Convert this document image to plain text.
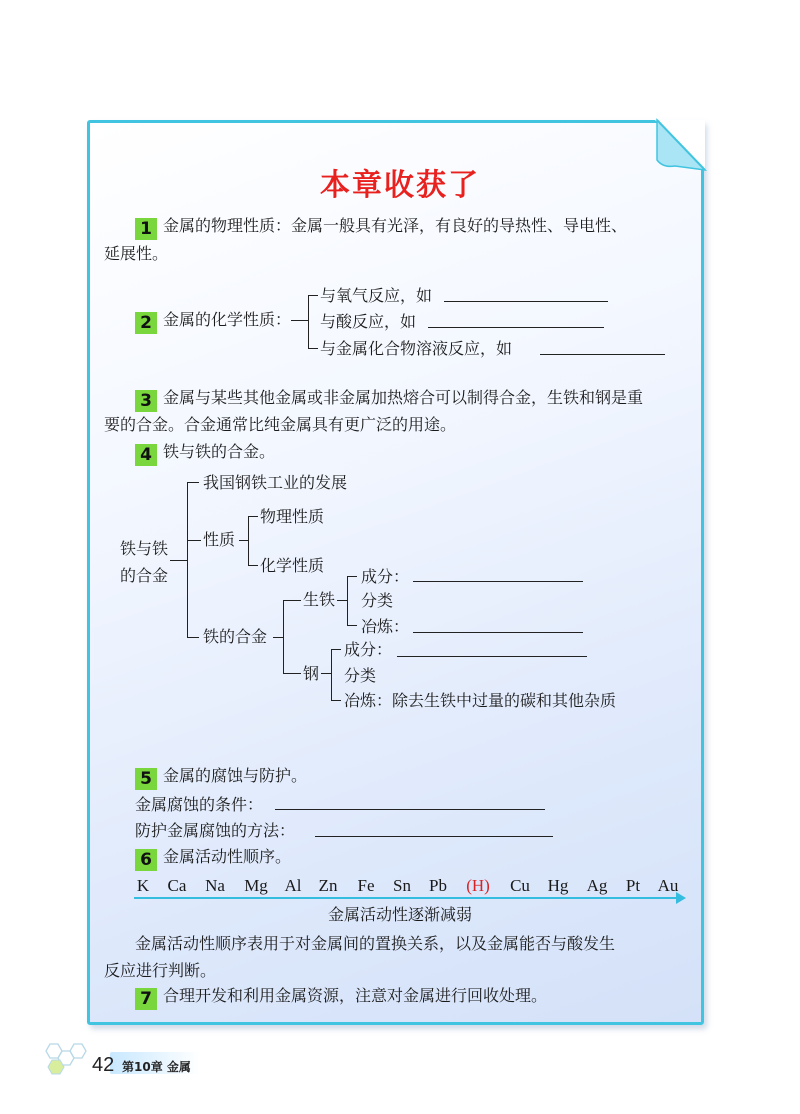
本章收获了
1 金属的物理性质：金属一般具有光泽，有良好的导热性、导电性、
延展性。
2 金属的化学性质：
与氧气反应，如
与酸反应，如
与金属化合物溶液反应，如
3 金属与某些其他金属或非金属加热熔合可以制得合金，生铁和钢是重
要的合金。合金通常比纯金属具有更广泛的用途。
4 铁与铁的合金。
铁与铁
的合金
我国钢铁工业的发展
性质
物理性质
化学性质
铁的合金
生铁
钢
成分：
分类
冶炼：
成分：
分类
冶炼：除去生铁中过量的碳和其他杂质
5 金属的腐蚀与防护。
金属腐蚀的条件：
防护金属腐蚀的方法：
6 金属活动性顺序。
K Ca Na Mg Al Zn Fe Sn Pb (H) Cu Hg Ag Pt Au
金属活动性逐渐减弱
金属活动性顺序表用于对金属间的置换关系，以及金属能否与酸发生
反应进行判断。
7 合理开发和利用金属资源，注意对金属进行回收处理。
42 第10章 金属
